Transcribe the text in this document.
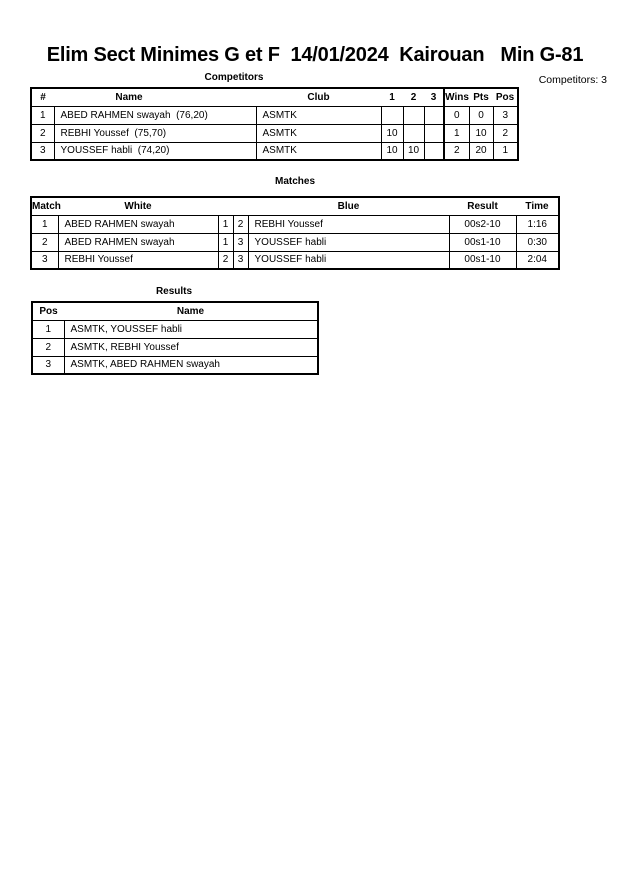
Elim Sect Minimes G et F  14/01/2024  Kairouan   Min G-81
Competitors	Competitors: 3
#	Name	Club	1	2	3	Wins	Pts	Pos
1	ABED RAHMEN swayah  (76,20)	ASMTK				0	0	3
2	REBHI Youssef  (75,70)	ASMTK	10			1	10	2
3	YOUSSEF habli  (74,20)	ASMTK	10	10		2	20	1
Matches
Match	White			Blue	Result	Time
1	ABED RAHMEN swayah	1	2	REBHI Youssef	00s2-10	1:16
2	ABED RAHMEN swayah	1	3	YOUSSEF habli	00s1-10	0:30
3	REBHI Youssef	2	3	YOUSSEF habli	00s1-10	2:04
Results
Pos	Name
1	ASMTK, YOUSSEF habli
2	ASMTK, REBHI Youssef
3	ASMTK, ABED RAHMEN swayah
